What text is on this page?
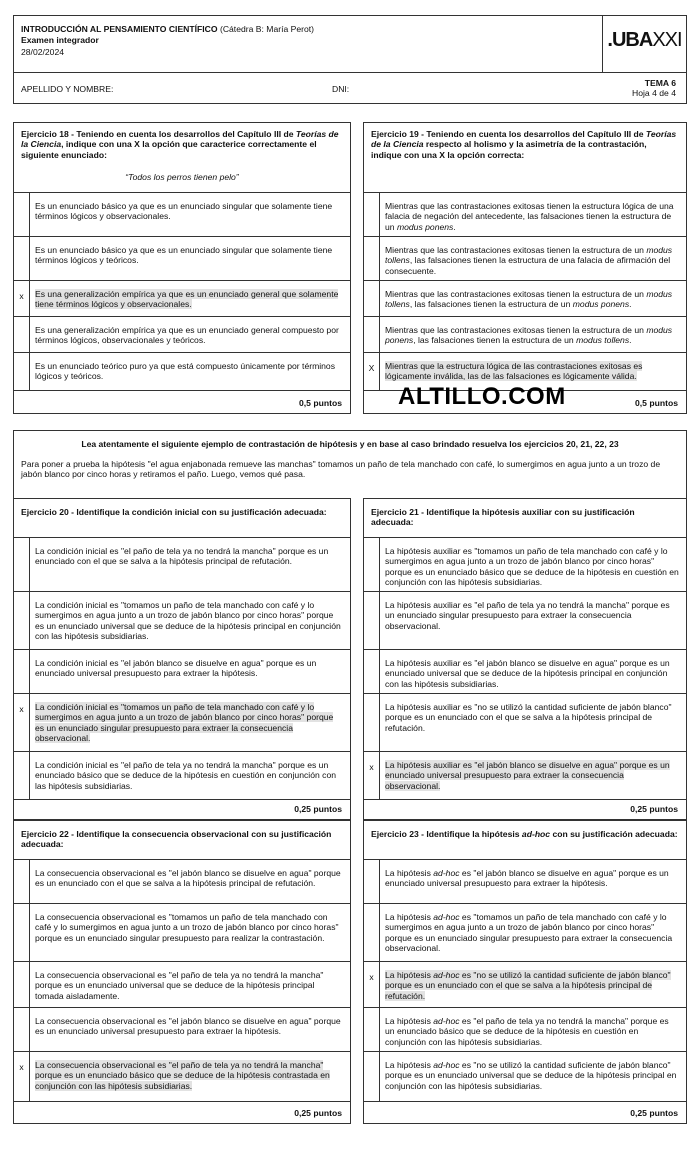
INTRODUCCIÓN AL PENSAMIENTO CIENTÍFICO (Cátedra B: María Perot)
Examen integrador
28/02/2024
.UBAXXI
APELLIDO Y NOMBRE:	DNI:
TEMA 6
Hoja 4 de 4

Ejercicio 18 - Teniendo en cuenta los desarrollos del Capítulo III de Teorías de la Ciencia, indique con una X la opción que caracterice correctamente el siguiente enunciado:

“Todos los perros tienen pelo”

Es un enunciado básico ya que es un enunciado singular que solamente tiene términos lógicos y observacionales.
Es un enunciado básico ya que es un enunciado singular que solamente tiene términos lógicos y teóricos.
x	Es una generalización empírica ya que es un enunciado general que solamente tiene términos lógicos y observacionales.
Es una generalización empírica ya que es un enunciado general compuesto por términos lógicos, observacionales y teóricos.
Es un enunciado teórico puro ya que está compuesto únicamente por términos lógicos y teóricos.
0,5 puntos

Ejercicio 19 - Teniendo en cuenta los desarrollos del Capítulo III de Teorías de la Ciencia respecto al holismo y la asimetría de la contrastación, indique con una X la opción correcta:

Mientras que las contrastaciones exitosas tienen la estructura lógica de una falacia de negación del antecedente, las falsaciones tienen la estructura de un modus ponens.
Mientras que las contrastaciones exitosas tienen la estructura de un modus tollens, las falsaciones tienen la estructura de una falacia de afirmación del consecuente.
Mientras que las contrastaciones exitosas tienen la estructura de un modus tollens, las falsaciones tienen la estructura de un modus ponens.
Mientras que las contrastaciones exitosas tienen la estructura de un modus ponens, las falsaciones tienen la estructura de un modus tollens.
X	Mientras que la estructura lógica de las contrastaciones exitosas es lógicamente inválida, las de las falsaciones es lógicamente válida.
0,5 puntos
ALTILLO.COM
Lea atentamente el siguiente ejemplo de contrastación de hipótesis y en base al caso brindado resuelva los ejercicios 20, 21, 22, 23
Para poner a prueba la hipótesis "el agua enjabonada remueve las manchas" tomamos un paño de tela manchado con café, lo sumergimos en agua junto a un trozo de jabón blanco por cinco horas y retiramos el paño. Luego, vemos qué pasa.

Ejercicio 20 - Identifique la condición inicial con su justificación adecuada:

La condición inicial es "el paño de tela ya no tendrá la mancha" porque es un enunciado con el que se salva a la hipótesis principal de refutación.
La condición inicial es "tomamos un paño de tela manchado con café y lo sumergimos en agua junto a un trozo de jabón blanco por cinco horas" porque es un enunciado universal que se deduce de la hipótesis principal en conjunción con las hipótesis subsidiarias.
La condición inicial es "el jabón blanco se disuelve en agua" porque es un enunciado universal presupuesto para extraer la hipótesis.
x	La condición inicial es "tomamos un paño de tela manchado con café y lo sumergimos en agua junto a un trozo de jabón blanco por cinco horas" porque es un enunciado singular presupuesto para extraer la consecuencia observacional.
La condición inicial es "el paño de tela ya no tendrá la mancha" porque es un enunciado básico que se deduce de la hipótesis en cuestión en conjunción con las hipótesis subsidiarias.
0,25 puntos

Ejercicio 21 - Identifique la hipótesis auxiliar con su justificación adecuada:

La hipótesis auxiliar es "tomamos un paño de tela manchado con café y lo sumergimos en agua junto a un trozo de jabón blanco por cinco horas" porque es un enunciado básico que se deduce de la hipótesis en cuestión en conjunción con las hipótesis subsidiarias.
La hipótesis auxiliar es "el paño de tela ya no tendrá la mancha" porque es un enunciado singular presupuesto para extraer la consecuencia observacional.
La hipótesis auxiliar es "el jabón blanco se disuelve en agua" porque es un enunciado universal que se deduce de la hipótesis principal en conjunción con las hipótesis subsidiarias.
La hipótesis auxiliar es "no se utilizó la cantidad suficiente de jabón blanco" porque es un enunciado con el que se salva a la hipótesis principal de refutación.
x	La hipótesis auxiliar es "el jabón blanco se disuelve en agua" porque es un enunciado universal presupuesto para extraer la consecuencia observacional.
0,25 puntos

Ejercicio 22 - Identifique la consecuencia observacional con su justificación adecuada:

La consecuencia observacional es "el jabón blanco se disuelve en agua" porque es un enunciado con el que se salva a la hipótesis principal de refutación.
La consecuencia observacional es "tomamos un paño de tela manchado con café y lo sumergimos en agua junto a un trozo de jabón blanco por cinco horas" porque es un enunciado singular presupuesto para realizar la contrastación.
La consecuencia observacional es "el paño de tela ya no tendrá la mancha" porque es un enunciado universal que se deduce de la hipótesis principal tomada aisladamente.
La consecuencia observacional es "el jabón blanco se disuelve en agua" porque es un enunciado universal presupuesto para extraer la hipótesis.
x	La consecuencia observacional es "el paño de tela ya no tendrá la mancha" porque es un enunciado básico que se deduce de la hipótesis contrastada en conjunción con las hipótesis subsidiarias.
0,25 puntos

Ejercicio 23 - Identifique la hipótesis ad-hoc con su justificación adecuada:

La hipótesis ad-hoc es "el jabón blanco se disuelve en agua" porque es un enunciado universal presupuesto para extraer la hipótesis.
La hipótesis ad-hoc es "tomamos un paño de tela manchado con café y lo sumergimos en agua junto a un trozo de jabón blanco por cinco horas" porque es un enunciado singular presupuesto para extraer la consecuencia observacional.
x	La hipótesis ad-hoc es "no se utilizó la cantidad suficiente de jabón blanco" porque es un enunciado con el que se salva a la hipótesis principal de refutación.
La hipótesis ad-hoc es "el paño de tela ya no tendrá la mancha" porque es un enunciado básico que se deduce de la hipótesis en cuestión en conjunción con las hipótesis subsidiarias.
La hipótesis ad-hoc es "no se utilizó la cantidad suficiente de jabón blanco" porque es un enunciado universal que se deduce de la hipótesis principal en conjunción con las hipótesis subsidiarias.
0,25 puntos
